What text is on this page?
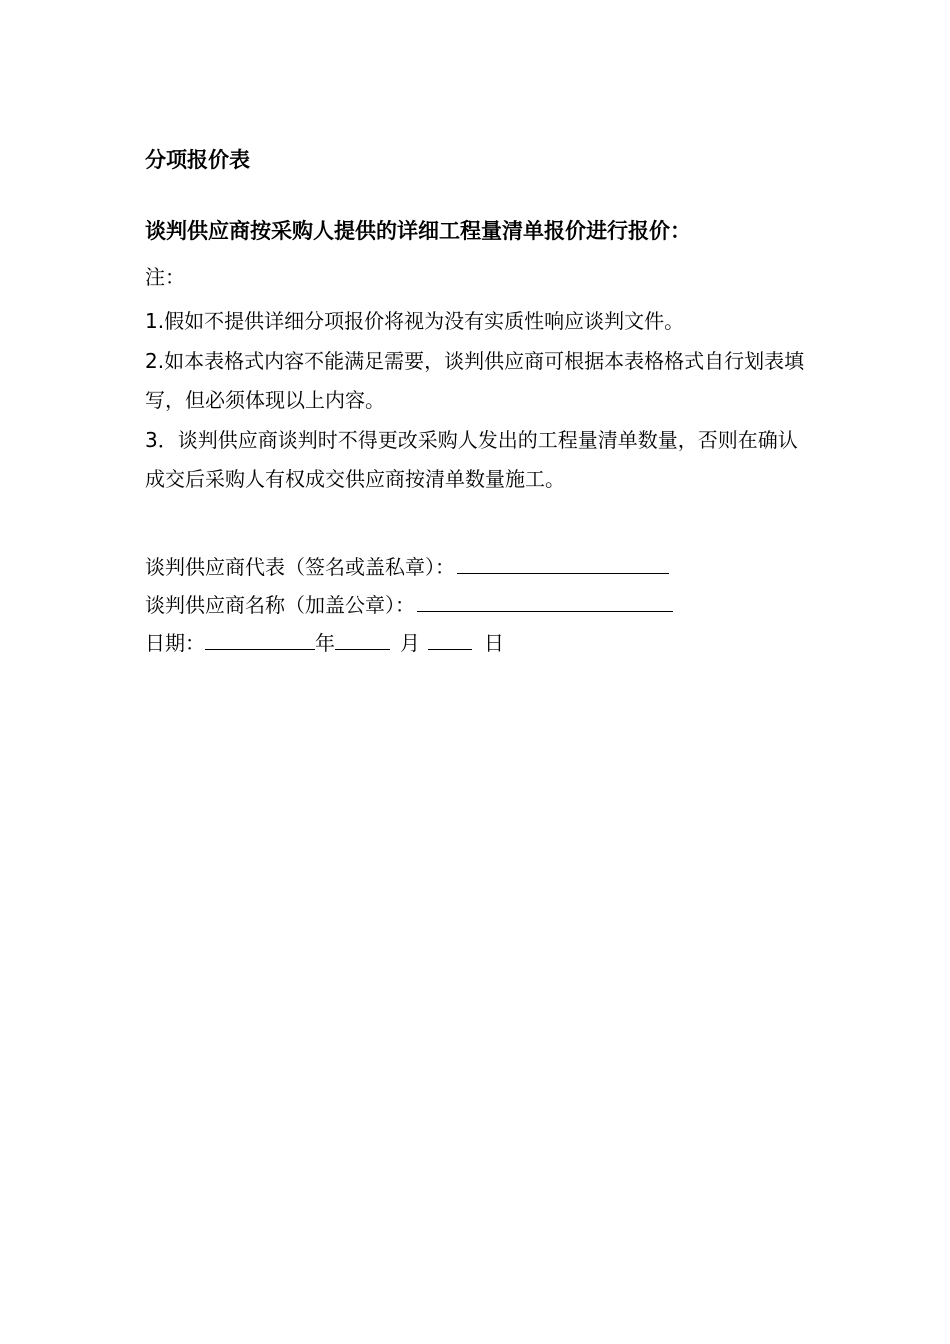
分项报价表
谈判供应商按采购人提供的详细工程量清单报价进行报价：
注：

1.假如不提供详细分项报价将视为没有实质性响应谈判文件。

2.如本表格式内容不能满足需要，谈判供应商可根据本表格格式自行划表填写，但必须体现以上内容。

3．谈判供应商谈判时不得更改采购人发出的工程量清单数量，否则在确认成交后采购人有权成交供应商按清单数量施工。

谈判供应商代表（签名或盖私章）：
谈判供应商名称（加盖公章）：
日期：	年	月	日
